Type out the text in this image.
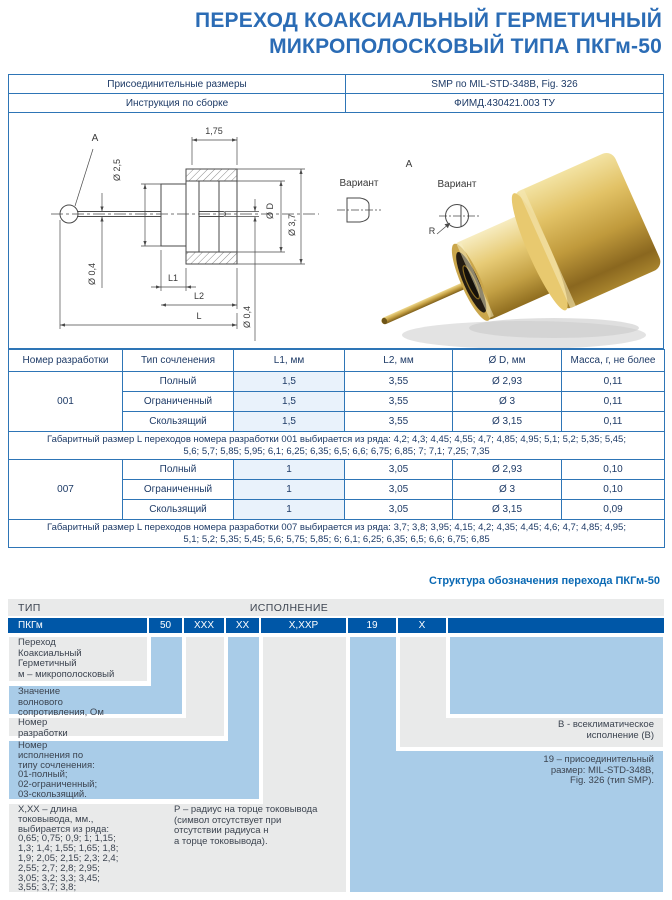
ПЕРЕХОД КОАКСИАЛЬНЫЙ ГЕРМЕТИЧНЫЙ
МИКРОПОЛОСКОВЫЙ ТИПА ПКГм-50
Присоединительные размеры	SMP по MIL-STD-348B, Fig. 326
Инструкция по сборке	ФИМД.430421.003 ТУ
A
Ø 2,5
1,75
Ø D
Ø 3,7
Ø 0,4	L1
L2
L	Ø 0,4
Вариант
A
Вариант
R
Номер разработки	Тип сочленения	L1, мм	L2, мм	Ø D, мм	Масса, г, не более
001	Полный	1,5	3,55	Ø 2,93	0,11
	Ограниченный	1,5	3,55	Ø 3	0,11
	Скользящий	1,5	3,55	Ø 3,15	0,11

Габаритный размер L переходов номера разработки 001 выбирается из ряда: 4,2; 4,3; 4,45; 4,55; 4,7; 4,85; 4,95; 5,1; 5,2; 5,35; 5,45;
5,6; 5,7; 5,85; 5,95; 6,1; 6,25; 6,35; 6,5; 6,6; 6,75; 6,85; 7; 7,1; 7,25; 7,35					

007	Полный	1	3,05	Ø 2,93	0,10
	Ограниченный	1	3,05	Ø 3	0,10
	Скользящий	1	3,05	Ø 3,15	0,09

Габаритный размер L переходов номера разработки 007 выбирается из ряда: 3,7; 3,8; 3,95; 4,15; 4,2; 4,35; 4,45; 4,6; 4,7; 4,85; 4,95;
5,1; 5,2; 5,35; 5,45; 5,6; 5,75; 5,85; 6; 6,1; 6,25; 6,35; 6,5; 6,6; 6,75; 6,85					
Структура обозначения перехода ПКГм-50
ТИП	ИСПОЛНЕНИЕ
ПКГм	50	XXX	XX	X,XXР	19	X
Переход
Коаксиальный
Герметичный
м – микрополосковый
Значение
волнового
сопротивления, Ом
Номер
разработки
Номер
исполнения по
типу сочленения:
01-полный;
02-ограниченный;
03-скользящий.
X,XX – длина
токовывода, мм.,
выбирается из ряда:
0,65; 0,75; 0,9; 1; 1,15;
1,3; 1,4; 1,55; 1,65; 1,8;
1,9; 2,05; 2,15; 2,3; 2,4;
2,55; 2,7; 2,8; 2,95;
3,05; 3,2; 3,3; 3,45;
3,55; 3,7; 3,8;
Р – радиус на торце токовывода
(символ отсутствует при
отсутствии радиуса н
а торце токовывода).
В - всеклиматическое
исполнение (В)
19 – присоединительный
размер: MIL-STD-348B,
Fig. 326 (тип SMP).
